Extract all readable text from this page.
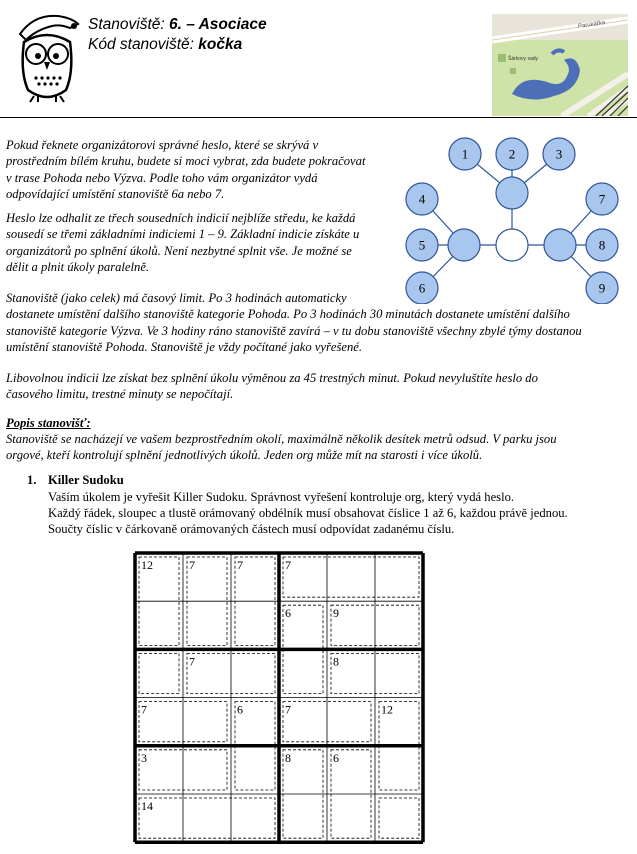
Stanoviště: 6. – Asociace
Kód stanoviště: kočka
Parukářka
Šárkovy sady
1	2	3
4
5
6
7
8
9
Pokud řeknete organizátorovi správné heslo, které se skrývá v
prostředním bílém kruhu, budete si moci vybrat, zda budete pokračovat
v trase Pohoda nebo Výzva. Podle toho vám organizátor vydá
odpovídající umístění stanoviště 6a nebo 7.
Heslo lze odhalit ze třech sousedních indicií nejblíže středu, ke každá
sousedí se třemi základními indiciemi 1 – 9. Základní indicie získáte u
organizátorů po splnění úkolů. Není nezbytné splnit vše. Je možné se
dělit a plnit úkoly paralelně.
Stanoviště (jako celek) má časový limit. Po 3 hodinách automaticky
dostanete umístění dalšího stanoviště kategorie Pohoda. Po 3 hodinách 30 minutách dostanete umístění dalšího
stanoviště kategorie Výzva. Ve 3 hodiny ráno stanoviště zavírá – v tu dobu stanoviště všechny zbylé týmy dostanou
umístění stanoviště Pohoda. Stanoviště je vždy počítané jako vyřešené.
Libovolnou indicii lze získat bez splnění úkolu výměnou za 45 trestných minut. Pokud nevyluštíte heslo do
časového limitu, trestné minuty se nepočítají.
Popis stanovišť:
Stanoviště se nacházejí ve vašem bezprostředním okolí, maximálně několik desítek metrů odsud. V parku jsou
orgové, kteří kontrolují splnění jednotlivých úkolů. Jeden org může mít na starosti i více úkolů.
1. Killer Sudoku
Vaším úkolem je vyřešit Killer Sudoku. Správnost vyřešení kontroluje org, který vydá heslo.
Každý řádek, sloupec a tlustě orámovaný obdélník musí obsahovat číslice 1 až 6, každou právě jednou.
Součty číslic v čárkovaně orámovaných částech musí odpovídat zadanému číslu.
12	7	7	7
6	9
7	8
7	6	7	12
3	8	6
14
